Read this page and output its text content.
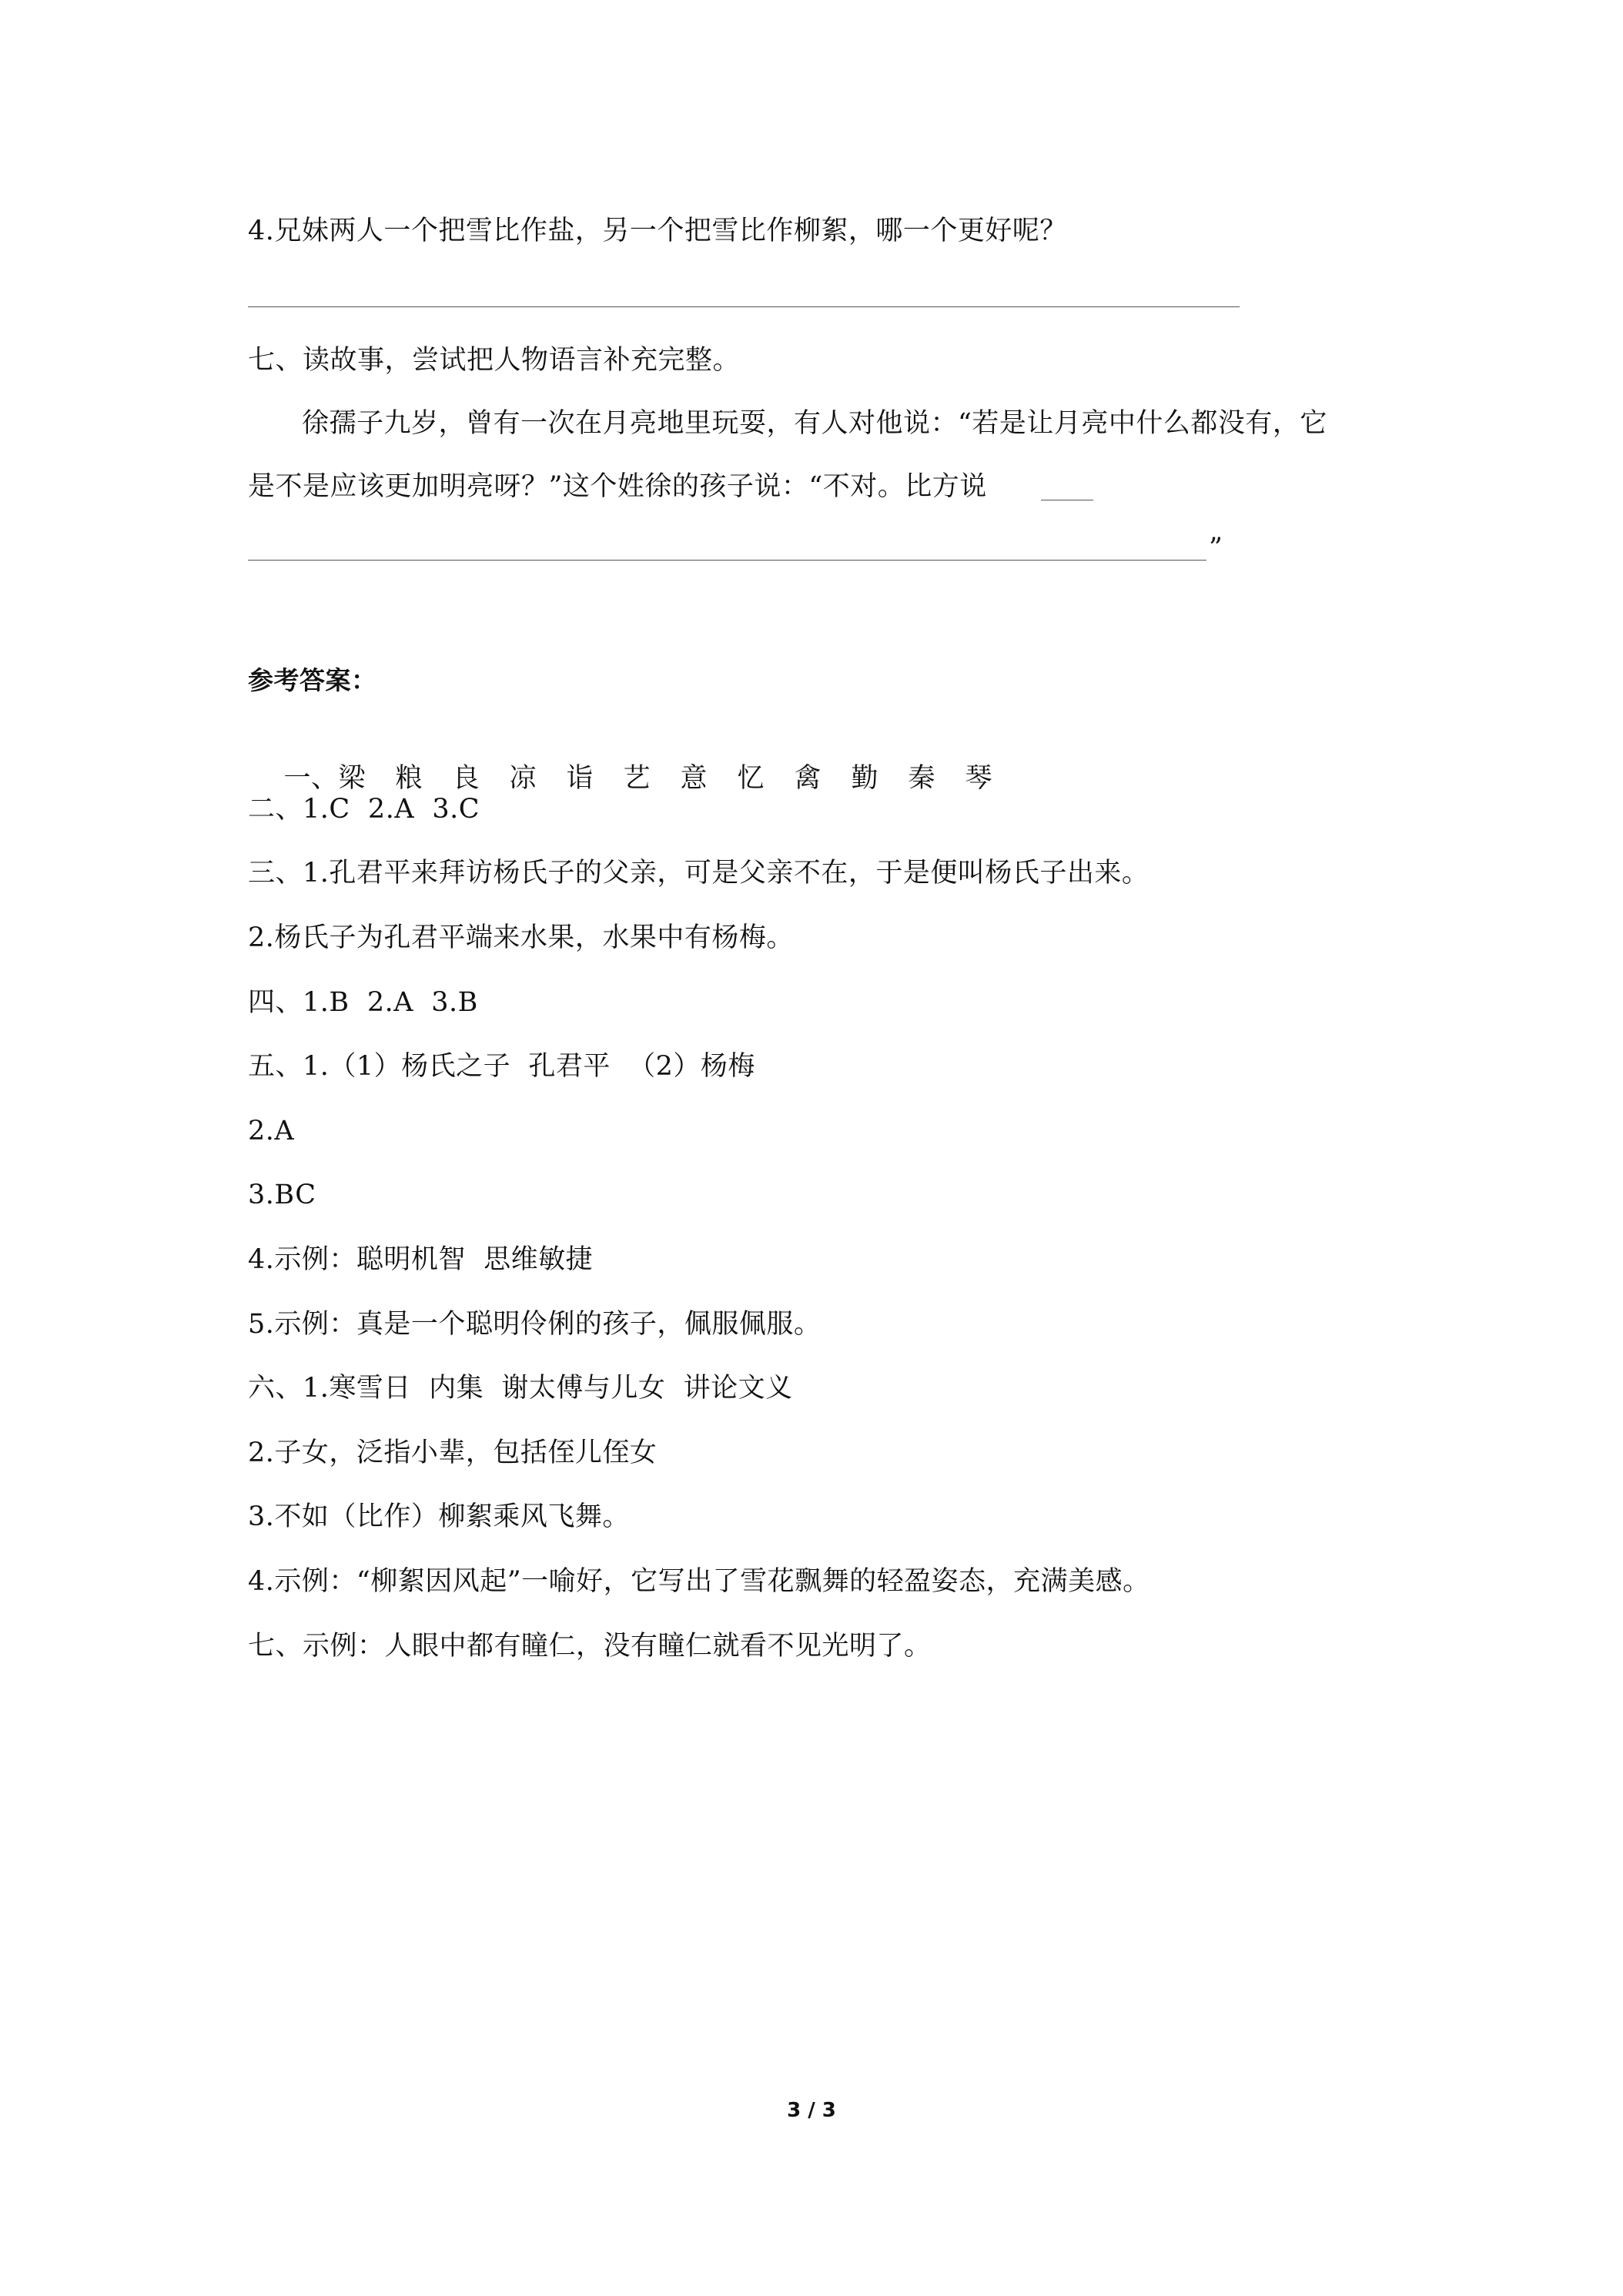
4.兄妹两人一个把雪比作盐，另一个把雪比作柳絮，哪一个更好呢？
七、读故事，尝试把人物语言补充完整。
徐孺子九岁，曾有一次在月亮地里玩耍，有人对他说：“若是让月亮中什么都没有，它
是不是应该更加明亮呀？”这个姓徐的孩子说：“不对。比方说
”
参考答案：

一、梁 粮 良 凉 诣 艺 意 忆 禽 勤 秦 琴

二、1.C  2.A  3.C
三、1.孔君平来拜访杨氏子的父亲，可是父亲不在，于是便叫杨氏子出来。
2.杨氏子为孔君平端来水果，水果中有杨梅。
四、1.B  2.A  3.B
五、1.（1）杨氏之子  孔君平  （2）杨梅
2.A
3.BC
4.示例：聪明机智  思维敏捷
5.示例：真是一个聪明伶俐的孩子，佩服佩服。
六、1.寒雪日  内集  谢太傅与儿女  讲论文义
2.子女，泛指小辈，包括侄儿侄女
3.不如（比作）柳絮乘风飞舞。
4.示例：“柳絮因风起”一喻好，它写出了雪花飘舞的轻盈姿态，充满美感。
七、示例：人眼中都有瞳仁，没有瞳仁就看不见光明了。
3 / 3
